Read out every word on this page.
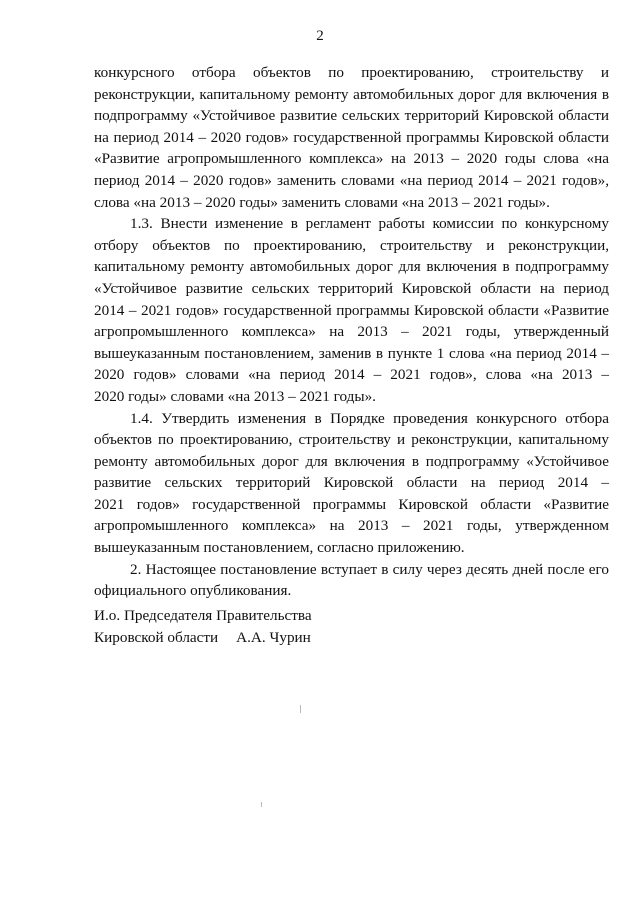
2
конкурсного отбора объектов по проектированию, строительству и
реконструкции, капитальному ремонту автомобильных дорог для включения в
подпрограмму «Устойчивое развитие сельских территорий Кировской области
на период 2014 – 2020 годов» государственной программы Кировской области
«Развитие агропромышленного комплекса» на 2013 – 2020 годы слова «на
период 2014 – 2020 годов» заменить словами «на период 2014 – 2021 годов»,
слова «на 2013 – 2020 годы» заменить словами «на 2013 – 2021 годы».
1.3. Внести изменение в регламент работы комиссии по конкурсному
отбору объектов по проектированию, строительству и реконструкции,
капитальному ремонту автомобильных дорог для включения в подпрограмму
«Устойчивое развитие сельских территорий Кировской области на период
2014 – 2021 годов» государственной программы Кировской области «Развитие
агропромышленного комплекса» на 2013 – 2021 годы, утвержденный
вышеуказанным постановлением, заменив в пункте 1 слова «на период 2014 –
2020 годов» словами «на период 2014 – 2021 годов», слова «на 2013 –
2020 годы» словами «на 2013 – 2021 годы».
1.4. Утвердить изменения в Порядке проведения конкурсного отбора
объектов по проектированию, строительству и реконструкции, капитальному
ремонту автомобильных дорог для включения в подпрограмму «Устойчивое
развитие сельских территорий Кировской области на период 2014 –
2021 годов» государственной программы Кировской области «Развитие
агропромышленного комплекса» на 2013 – 2021 годы, утвержденном
вышеуказанным постановлением, согласно приложению.
2. Настоящее постановление вступает в силу через десять дней после его
официального опубликования.
И.о. Председателя Правительства
Кировской области А.А. Чурин
